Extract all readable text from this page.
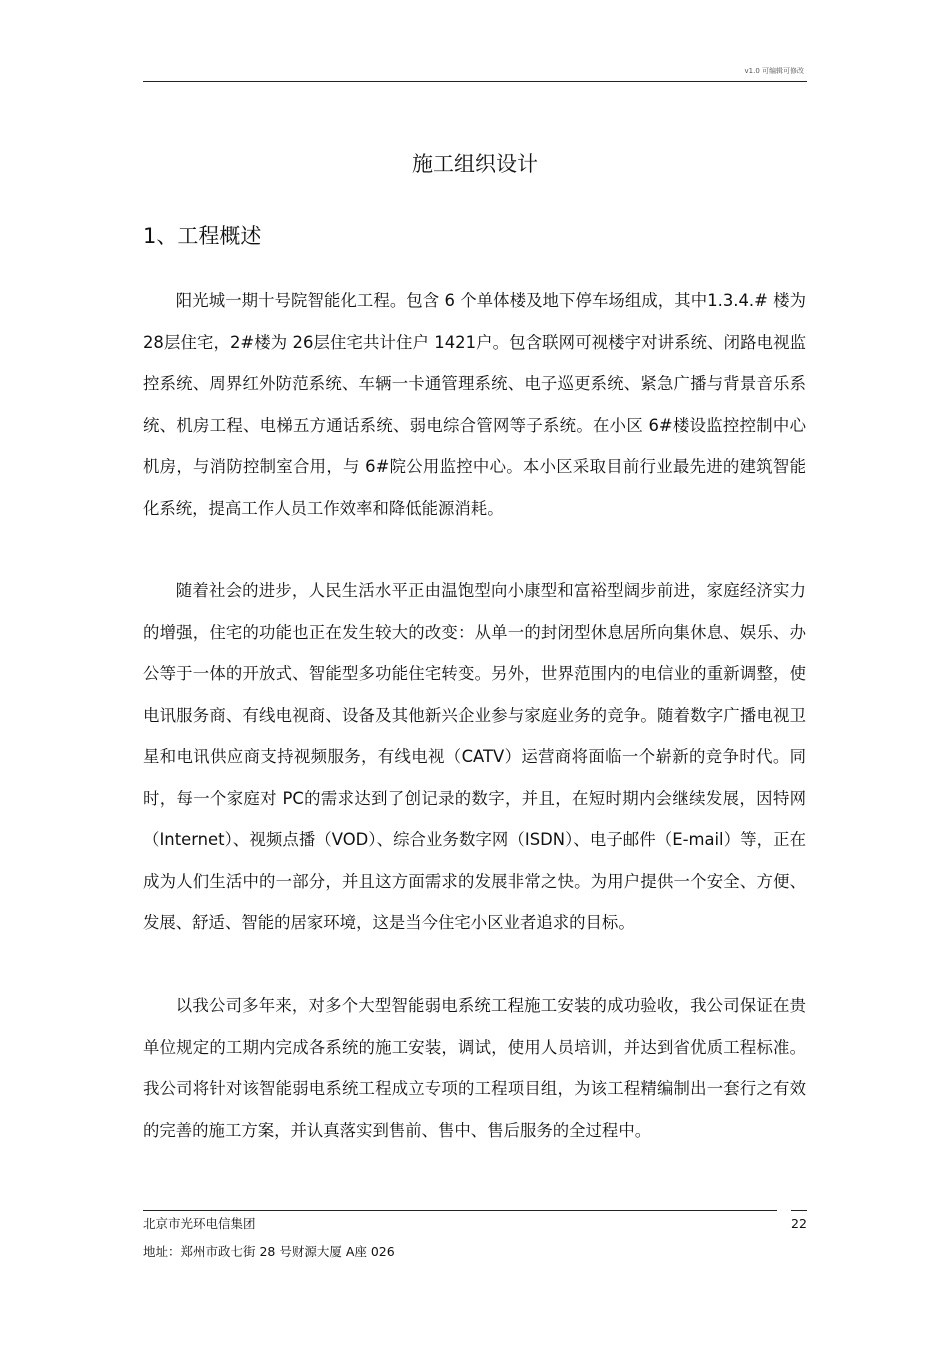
v1.0 可编辑可修改
施工组织设计
1、工程概述

阳光城一期十号院智能化工程。包含 6 个单体楼及地下停车场组成，其中1.3.4.# 楼为 28层住宅，2#楼为 26层住宅共计住户 1421户。包含联网可视楼宇对讲系统、闭路电视监控系统、周界红外防范系统、车辆一卡通管理系统、电子巡更系统、紧急广播与背景音乐系统、机房工程、电梯五方通话系统、弱电综合管网等子系统。在小区 6#楼设监控控制中心机房，与消防控制室合用，与 6#院公用监控中心。本小区采取目前行业最先进的建筑智能化系统，提高工作人员工作效率和降低能源消耗。

随着社会的进步，人民生活水平正由温饱型向小康型和富裕型阔步前进，家庭经济实力的增强，住宅的功能也正在发生较大的改变：从单一的封闭型休息居所向集休息、娱乐、办公等于一体的开放式、智能型多功能住宅转变。另外，世界范围内的电信业的重新调整，使电讯服务商、有线电视商、设备及其他新兴企业参与家庭业务的竞争。随着数字广播电视卫星和电讯供应商支持视频服务，有线电视（CATV）运营商将面临一个崭新的竞争时代。同时，每一个家庭对 PC的需求达到了创记录的数字，并且，在短时期内会继续发展，因特网（Internet）、视频点播（VOD）、综合业务数字网（ISDN）、电子邮件（E-mail）等，正在成为人们生活中的一部分，并且这方面需求的发展非常之快。为用户提供一个安全、方便、发展、舒适、智能的居家环境，这是当今住宅小区业者追求的目标。

以我公司多年来，对多个大型智能弱电系统工程施工安装的成功验收，我公司保证在贵单位规定的工期内完成各系统的施工安装，调试，使用人员培训，并达到省优质工程标准。我公司将针对该智能弱电系统工程成立专项的工程项目组，为该工程精编制出一套行之有效的完善的施工方案，并认真落实到售前、售中、售后服务的全过程中。

北京市光环电信集团	22
地址：郑州市政七街 28 号财源大厦 A座 026
